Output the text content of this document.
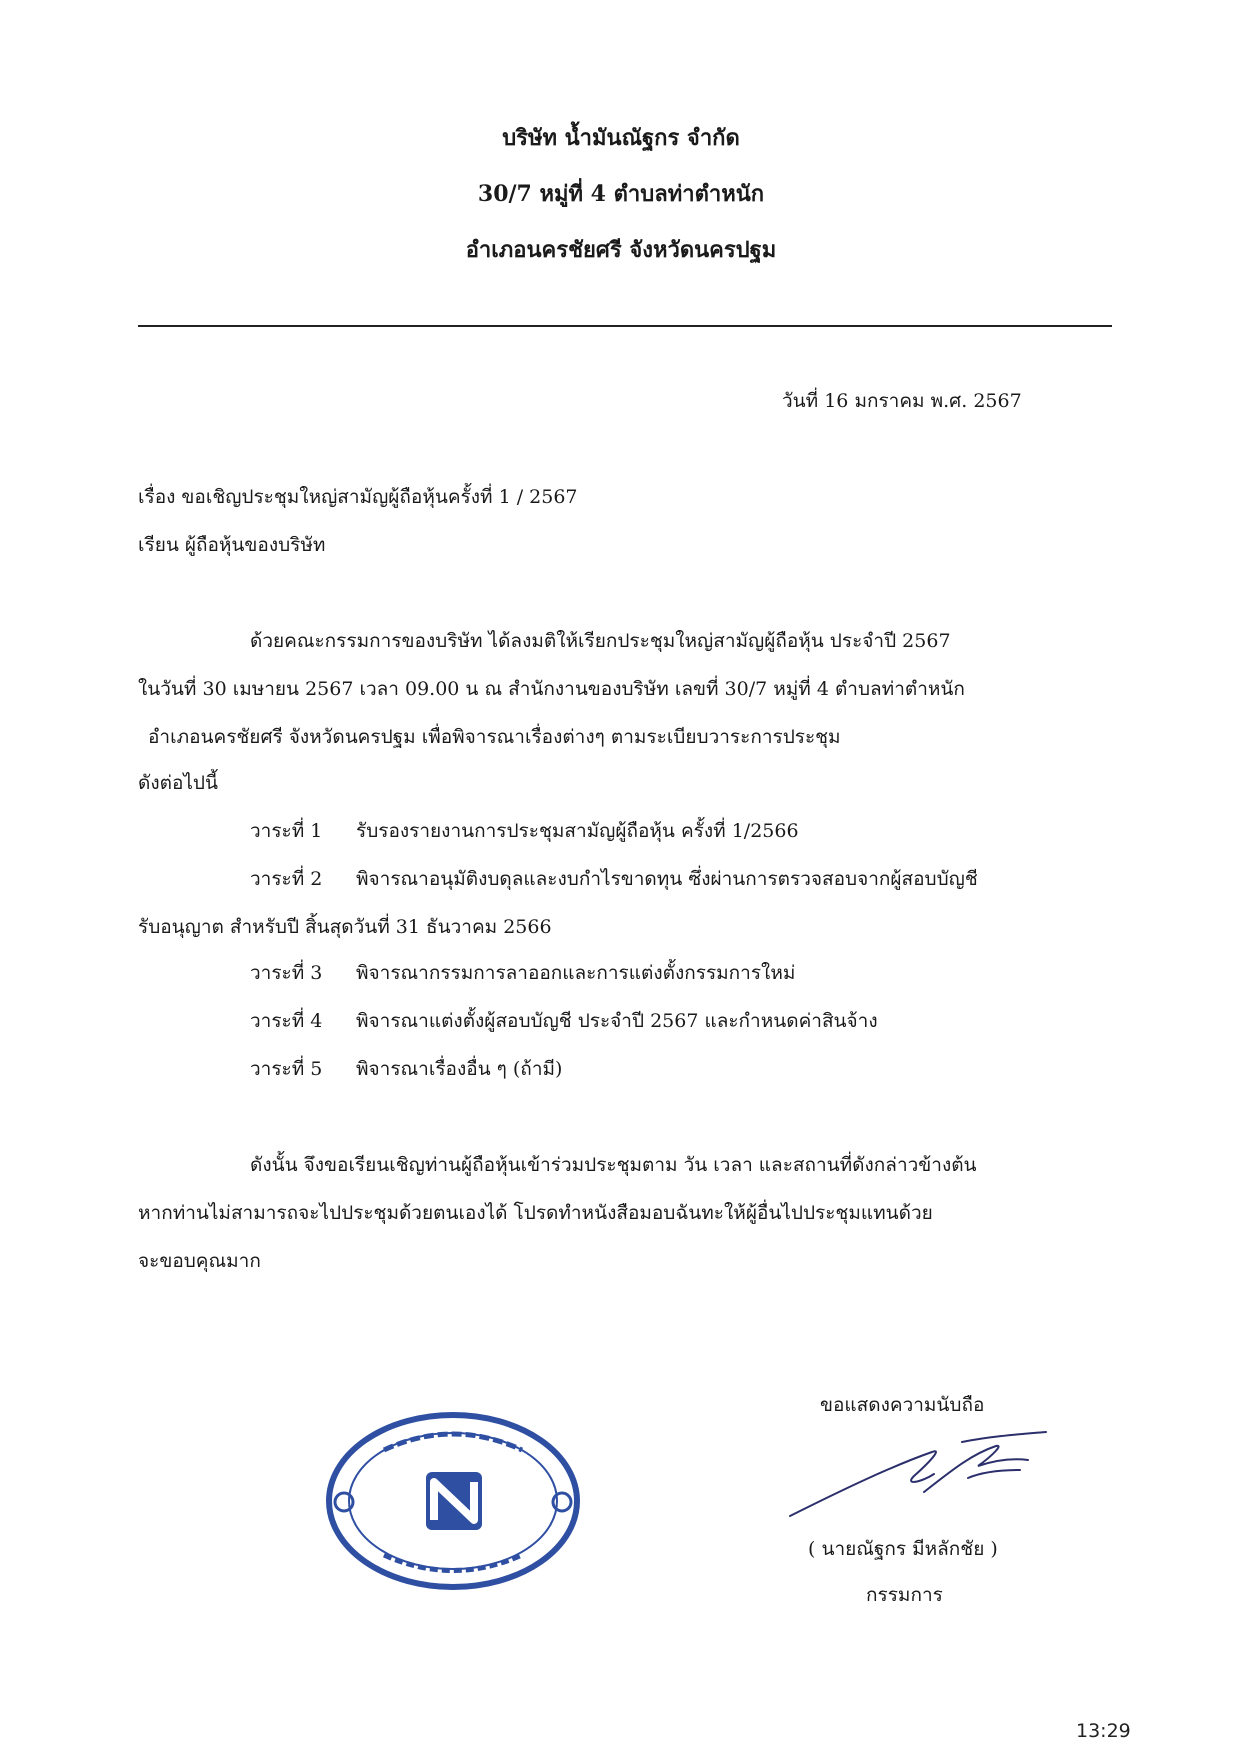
บริษัท น้ำมันณัฐกร จำกัด
30/7 หมู่ที่ 4 ตำบลท่าตำหนัก
อำเภอนครชัยศรี จังหวัดนครปฐม
วันที่ 16 มกราคม พ.ศ. 2567
เรื่อง ขอเชิญประชุมใหญ่สามัญผู้ถือหุ้นครั้งที่ 1 / 2567
เรียน ผู้ถือหุ้นของบริษัท
ด้วยคณะกรรมการของบริษัท ได้ลงมติให้เรียกประชุมใหญ่สามัญผู้ถือหุ้น ประจำปี 2567
ในวันที่ 30 เมษายน 2567 เวลา 09.00 น ณ สำนักงานของบริษัท เลขที่ 30/7 หมู่ที่ 4 ตำบลท่าตำหนัก
อำเภอนครชัยศรี จังหวัดนครปฐม เพื่อพิจารณาเรื่องต่างๆ ตามระเบียบวาระการประชุม
ดังต่อไปนี้
วาระที่ 1 รับรองรายงานการประชุมสามัญผู้ถือหุ้น ครั้งที่ 1/2566
วาระที่ 2 พิจารณาอนุมัติงบดุลและงบกำไรขาดทุน ซึ่งผ่านการตรวจสอบจากผู้สอบบัญชี
รับอนุญาต สำหรับปี สิ้นสุดวันที่ 31 ธันวาคม 2566
วาระที่ 3 พิจารณากรรมการลาออกและการแต่งตั้งกรรมการใหม่
วาระที่ 4 พิจารณาแต่งตั้งผู้สอบบัญชี ประจำปี 2567 และกำหนดค่าสินจ้าง
วาระที่ 5 พิจารณาเรื่องอื่น ๆ (ถ้ามี)
ดังนั้น จึงขอเรียนเชิญท่านผู้ถือหุ้นเข้าร่วมประชุมตาม วัน เวลา และสถานที่ดังกล่าวข้างต้น
หากท่านไม่สามารถจะไปประชุมด้วยตนเองได้ โปรดทำหนังสือมอบฉันทะให้ผู้อื่นไปประชุมแทนด้วย
จะขอบคุณมาก
ขอแสดงความนับถือ
( นายณัฐกร มีหลักชัย )
กรรมการ
13:29
